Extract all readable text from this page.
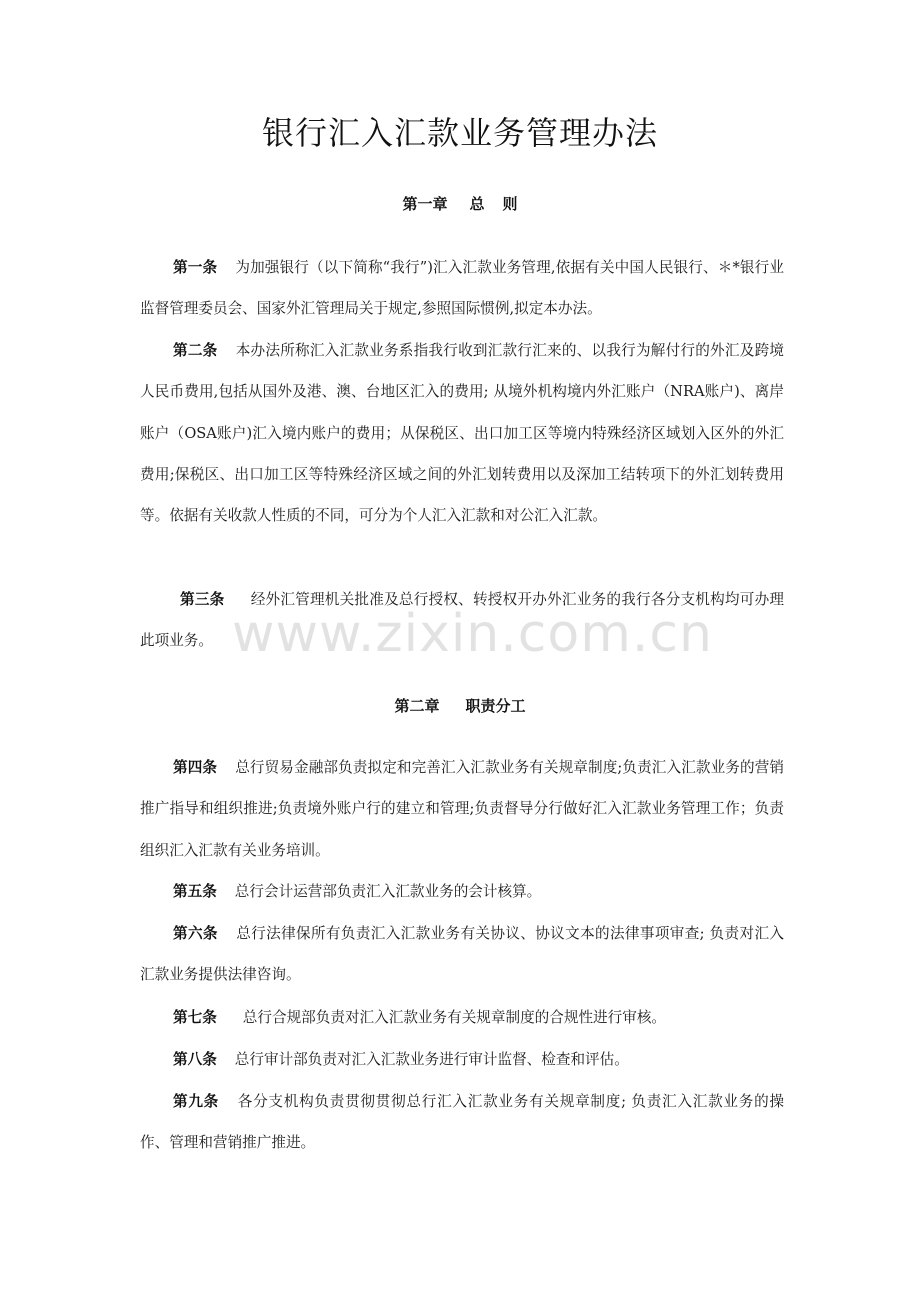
银行汇入汇款业务管理办法
第一章 总 则
第一条 为加强银行（以下简称“我行”)汇入汇款业务管理,依据有关中国人民银行、＊*银行业监督管理委员会、国家外汇管理局关于规定,参照国际惯例,拟定本办法。
第二条 本办法所称汇入汇款业务系指我行收到汇款行汇来的、以我行为解付行的外汇及跨境人民币费用,包括从国外及港、澳、台地区汇入的费用; 从境外机构境内外汇账户（NRA账户)、离岸账户（OSA账户)汇入境内账户的费用；从保税区、出口加工区等境内特殊经济区域划入区外的外汇费用;保税区、出口加工区等特殊经济区域之间的外汇划转费用以及深加工结转项下的外汇划转费用等。依据有关收款人性质的不同，可分为个人汇入汇款和对公汇入汇款。
第三条 经外汇管理机关批准及总行授权、转授权开办外汇业务的我行各分支机构均可办理此项业务。
第二章 职责分工
第四条 总行贸易金融部负责拟定和完善汇入汇款业务有关规章制度;负责汇入汇款业务的营销推广指导和组织推进;负责境外账户行的建立和管理;负责督导分行做好汇入汇款业务管理工作；负责组织汇入汇款有关业务培训。
第五条 总行会计运营部负责汇入汇款业务的会计核算。
第六条 总行法律保所有负责汇入汇款业务有关协议、协议文本的法律事项审查; 负责对汇入汇款业务提供法律咨询。
第七条 总行合规部负责对汇入汇款业务有关规章制度的合规性进行审核。
第八条 总行审计部负责对汇入汇款业务进行审计监督、检查和评估。
第九条 各分支机构负责贯彻贯彻总行汇入汇款业务有关规章制度; 负责汇入汇款业务的操作、管理和营销推广推进。
www.zixin.com.cn
